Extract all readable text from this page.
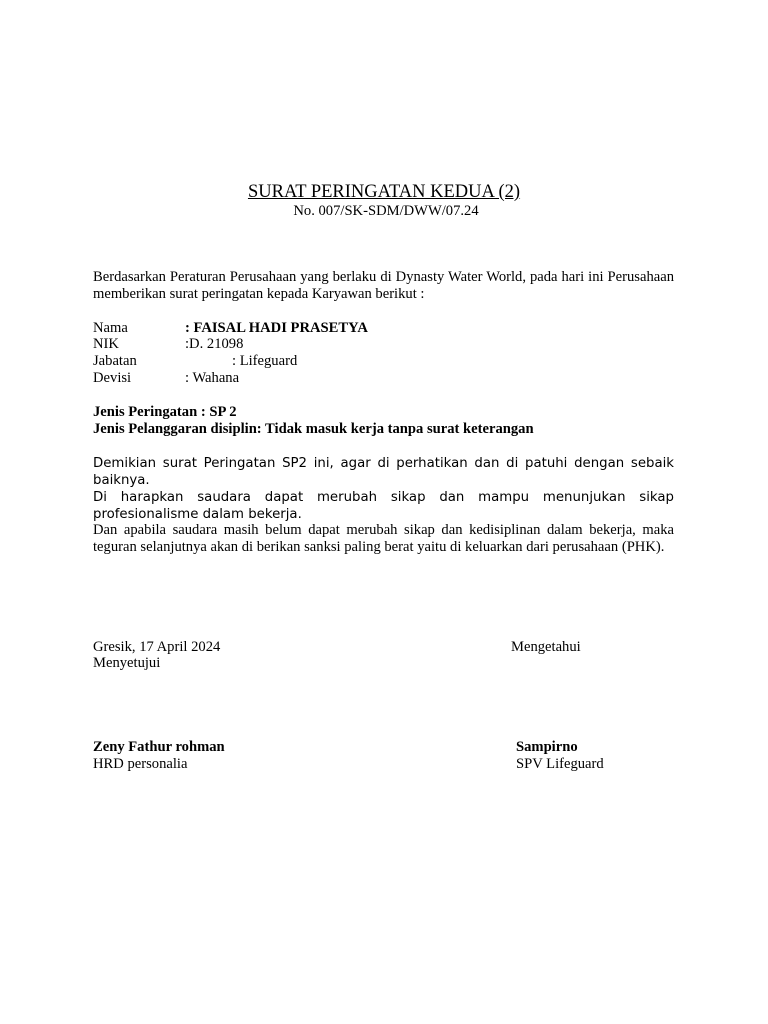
SURAT PERINGATAN KEDUA (2)
No. 007/SK-SDM/DWW/07.24
Berdasarkan Peraturan Perusahaan yang berlaku di Dynasty Water World, pada hari ini Perusahaan memberikan surat peringatan kepada Karyawan berikut :
Nama	: FAISAL HADI PRASETYA
NIK	:D. 21098
Jabatan	: Lifeguard
Devisi	: Wahana
Jenis Peringatan : SP 2
Jenis Pelanggaran disiplin: Tidak masuk kerja tanpa surat keterangan
Demikian surat Peringatan SP2 ini, agar di perhatikan dan di patuhi dengan sebaik baiknya.
Di harapkan saudara dapat merubah sikap dan mampu menunjukan sikap profesionalisme dalam bekerja.
Dan apabila saudara masih belum dapat merubah sikap dan kedisiplinan dalam bekerja, maka teguran selanjutnya akan di berikan sanksi paling berat yaitu di keluarkan dari perusahaan (PHK).
Gresik, 17 April 2024
Menyetujui
Mengetahui
Zeny Fathur rohman
HRD personalia
Sampirno
SPV Lifeguard
